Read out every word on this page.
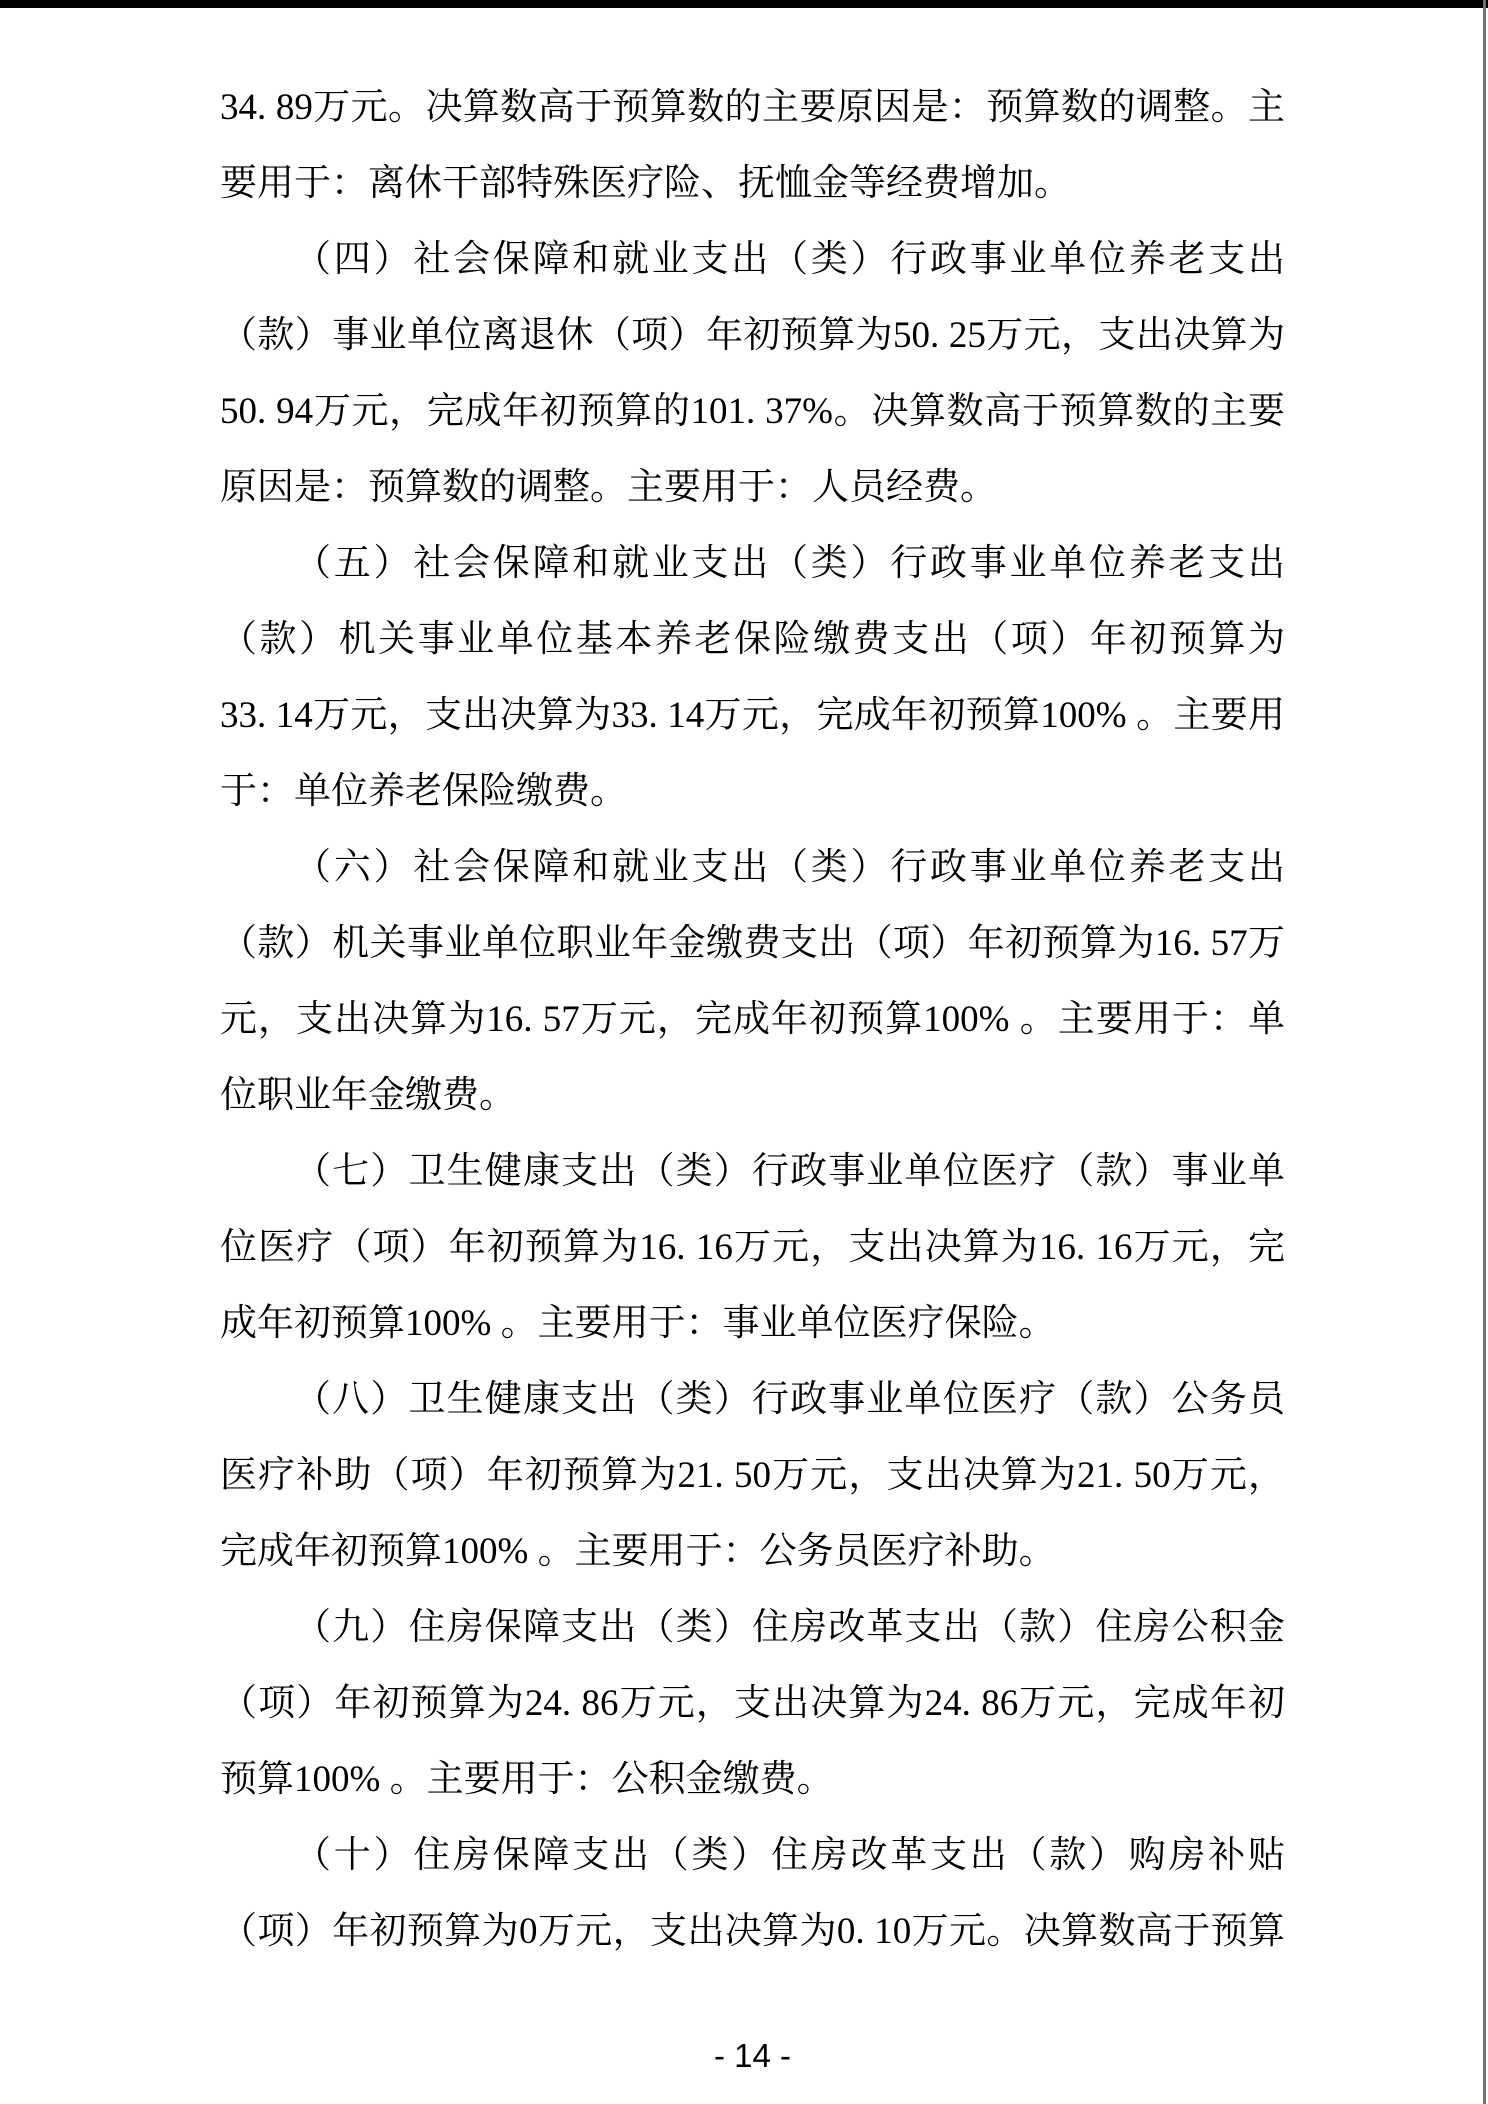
34. 89万元。决算数高于预算数的主要原因是：预算数的调整。主
要用于：离休干部特殊医疗险、抚恤金等经费增加。
（四）社会保障和就业支出（类）行政事业单位养老支出
（款）事业单位离退休（项）年初预算为50. 25万元，支出决算为
50. 94万元，完成年初预算的101. 37%。决算数高于预算数的主要
原因是：预算数的调整。主要用于：人员经费。
（五）社会保障和就业支出（类）行政事业单位养老支出
（款）机关事业单位基本养老保险缴费支出（项）年初预算为
33. 14万元，支出决算为33. 14万元，完成年初预算100% 。主要用
于：单位养老保险缴费。
（六）社会保障和就业支出（类）行政事业单位养老支出
（款）机关事业单位职业年金缴费支出（项）年初预算为16. 57万
元，支出决算为16. 57万元，完成年初预算100% 。主要用于：单
位职业年金缴费。
（七）卫生健康支出（类）行政事业单位医疗（款）事业单
位医疗（项）年初预算为16. 16万元，支出决算为16. 16万元，完
成年初预算100% 。主要用于：事业单位医疗保险。
（八）卫生健康支出（类）行政事业单位医疗（款）公务员
医疗补助（项）年初预算为21. 50万元，支出决算为21. 50万元，
完成年初预算100% 。主要用于：公务员医疗补助。
（九）住房保障支出（类）住房改革支出（款）住房公积金
（项）年初预算为24. 86万元，支出决算为24. 86万元，完成年初
预算100% 。主要用于：公积金缴费。
（十）住房保障支出（类）住房改革支出（款）购房补贴
（项）年初预算为0万元，支出决算为0. 10万元。决算数高于预算
- 14 -
